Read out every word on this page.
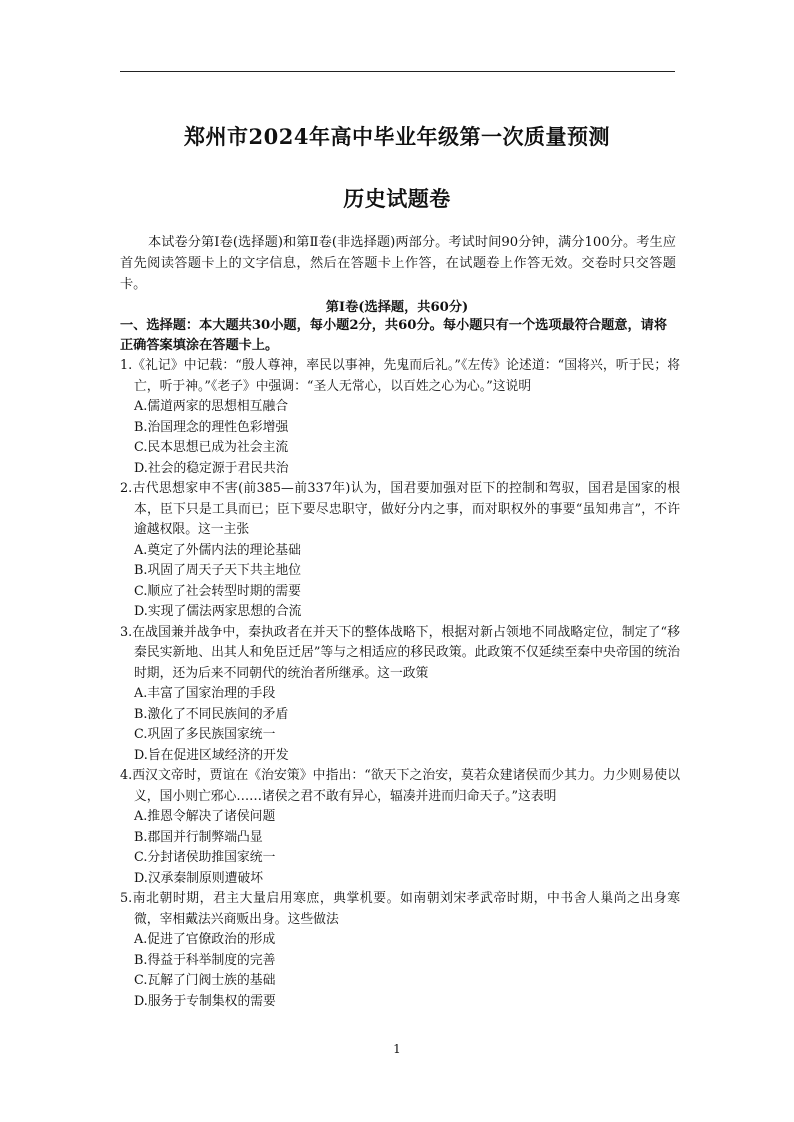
郑州市2024年高中毕业年级第一次质量预测
历史试题卷
本试卷分第Ⅰ卷(选择题)和第Ⅱ卷(非选择题)两部分。考试时间90分钟，满分100分。考生应首先阅读答题卡上的文字信息，然后在答题卡上作答，在试题卷上作答无效。交卷时只交答题卡。
第Ⅰ卷(选择题，共60分)
一、选择题：本大题共30小题，每小题2分，共60分。每小题只有一个选项最符合题意，请将正确答案填涂在答题卡上。
1.《礼记》中记载：“殷人尊神，率民以事神，先鬼而后礼。”《左传》论述道：“国将兴，听于民；将亡，听于神。”《老子》中强调：“圣人无常心，以百姓之心为心。”这说明
A.儒道两家的思想相互融合
B.治国理念的理性色彩增强
C.民本思想已成为社会主流
D.社会的稳定源于君民共治
2.古代思想家申不害(前385—前337年)认为，国君要加强对臣下的控制和驾驭，国君是国家的根本，臣下只是工具而已；臣下要尽忠职守，做好分内之事，而对职权外的事要“虽知弗言”，不许逾越权限。这一主张
A.奠定了外儒内法的理论基础
B.巩固了周天子天下共主地位
C.顺应了社会转型时期的需要
D.实现了儒法两家思想的合流
3.在战国兼并战争中，秦执政者在并天下的整体战略下，根据对新占领地不同战略定位，制定了“移秦民实新地、出其人和免臣迁居”等与之相适应的移民政策。此政策不仅延续至秦中央帝国的统治时期，还为后来不同朝代的统治者所继承。这一政策
A.丰富了国家治理的手段
B.激化了不同民族间的矛盾
C.巩固了多民族国家统一
D.旨在促进区域经济的开发
4.西汉文帝时，贾谊在《治安策》中指出：“欲天下之治安，莫若众建诸侯而少其力。力少则易使以义，国小则亡邪心……诸侯之君不敢有异心，辐凑并进而归命天子。”这表明
A.推恩令解决了诸侯问题
B.郡国并行制弊端凸显
C.分封诸侯助推国家统一
D.汉承秦制原则遭破坏
5.南北朝时期，君主大量启用寒庶，典掌机要。如南朝刘宋孝武帝时期，中书舍人巢尚之出身寒微，宰相戴法兴商贩出身。这些做法
A.促进了官僚政治的形成
B.得益于科举制度的完善
C.瓦解了门阀士族的基础
D.服务于专制集权的需要
1
